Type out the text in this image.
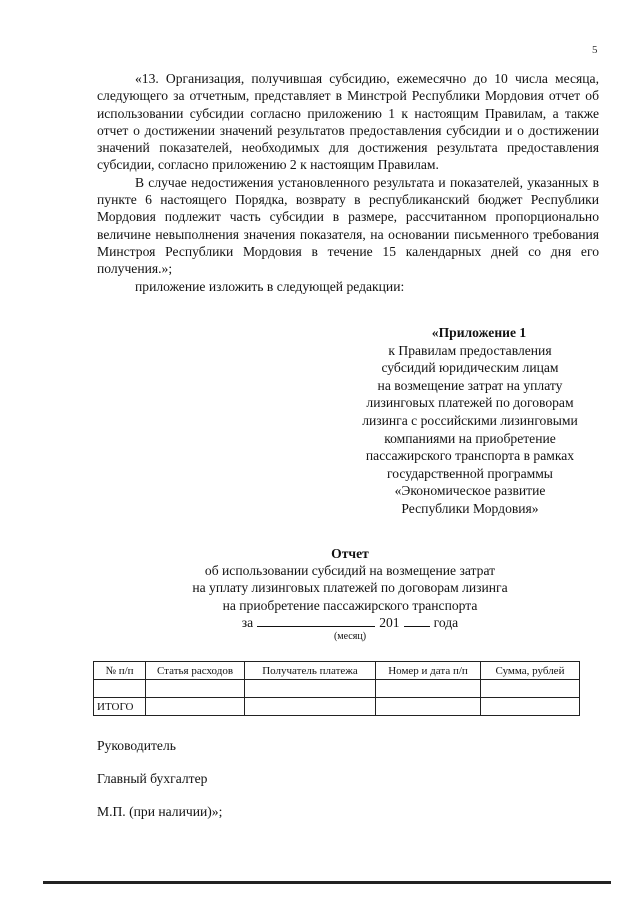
5

«13. Организация, получившая субсидию, ежемесячно до 10 числа месяца, следующего за отчетным, представляет в Минстрой Республики Мордовия отчет об использовании субсидии согласно приложению 1 к настоящим Правилам, а также отчет о достижении значений результатов предоставления субсидии и о достижении значений показателей, необходимых для достижения результата предоставления субсидии, согласно приложению 2 к настоящим Правилам.

В случае недостижения установленного результата и показателей, указанных в пункте 6 настоящего Порядка, возврату в республиканский бюджет Республики Мордовия подлежит часть субсидии в размере, рассчитанном пропорционально величине невыполнения значения показателя, на основании письменного требования Минстроя Республики Мордовия в течение 15 календарных дней со дня его получения.»;

приложение изложить в следующей редакции:

«Приложение 1
к Правилам предоставления
субсидий юридическим лицам
на возмещение затрат на уплату
лизинговых платежей по договорам
лизинга с российскими лизинговыми
компаниями на приобретение
пассажирского транспорта в рамках
государственной программы
«Экономическое развитие
Республики Мордовия»
Отчет
об использовании субсидий на возмещение затрат
на уплату лизинговых платежей по договорам лизинга
на приобретение пассажирского транспорта
за	201	года
(месяц)
№ п/п	Статья расходов	Получатель платежа	Номер и дата п/п	Сумма, рублей

ИТОГО				
Руководитель
Главный бухгалтер
М.П. (при наличии)»;
